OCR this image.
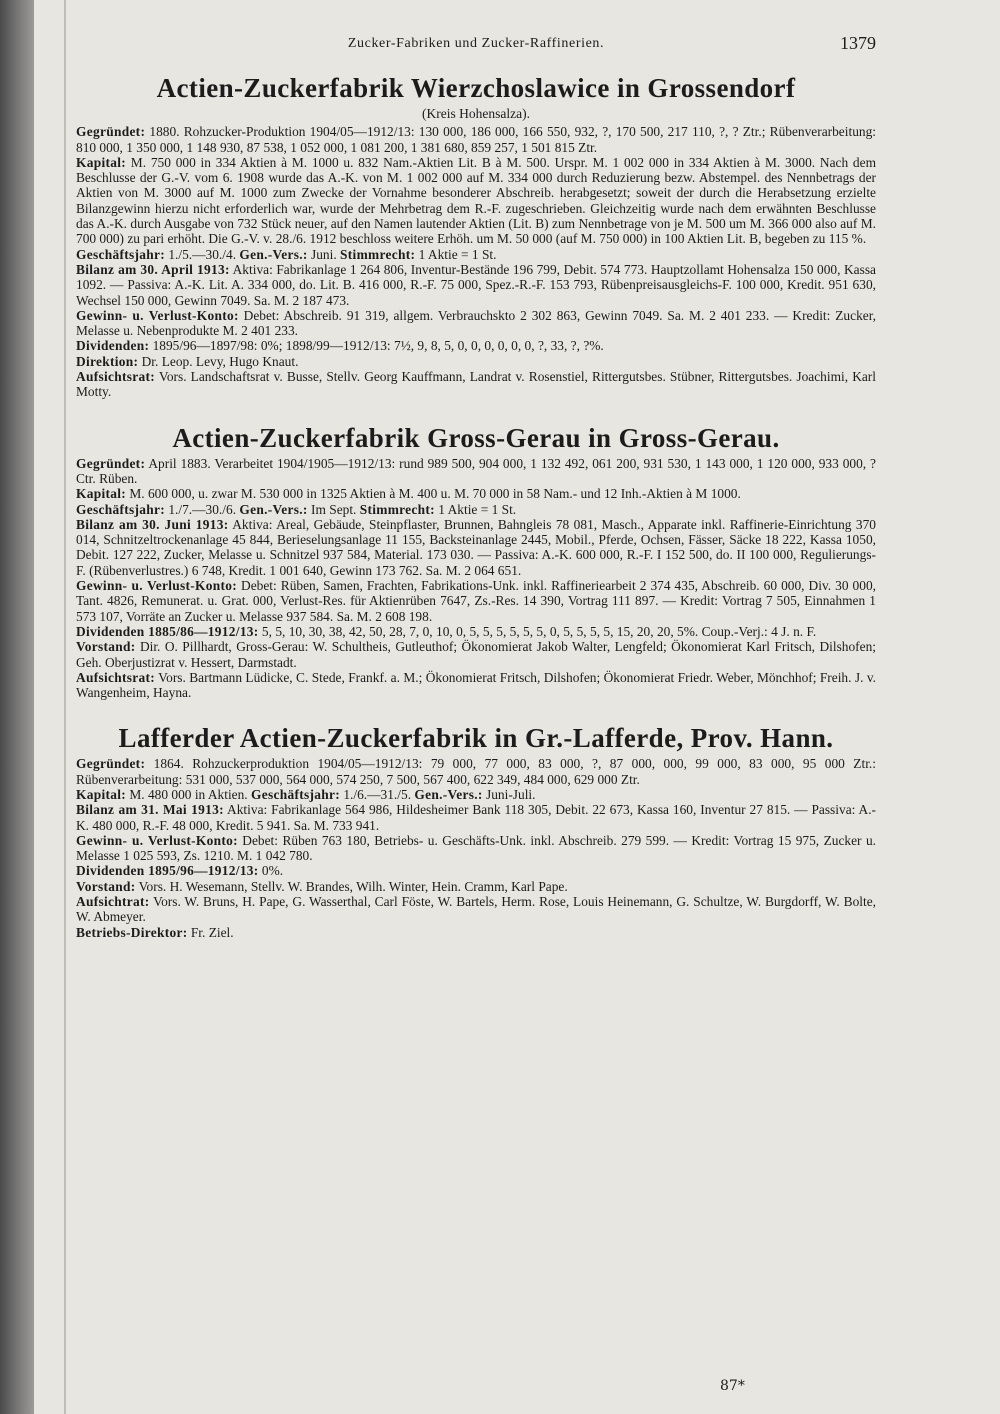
Zucker-Fabriken und Zucker-Raffinerien.	1379
Actien-Zuckerfabrik Wierzchoslawice in Grossendorf
(Kreis Hohensalza).

Gegründet: 1880. Rohzucker-Produktion 1904/05—1912/13: 130 000, 186 000, 166 550, 932, ?, 170 500, 217 110, ?, ? Ztr.; Rübenverarbeitung: 810 000, 1 350 000, 1 148 930, 87 538, 1 052 000, 1 081 200, 1 381 680, 859 257, 1 501 815 Ztr.

Kapital: M. 750 000 in 334 Aktien à M. 1000 u. 832 Nam.-Aktien Lit. B à M. 500. Urspr. M. 1 002 000 in 334 Aktien à M. 3000. Nach dem Beschlusse der G.-V. vom 6. 1908 wurde das A.-K. von M. 1 002 000 auf M. 334 000 durch Reduzierung bezw. Abstempel. des Nennbetrags der Aktien von M. 3000 auf M. 1000 zum Zwecke der Vornahme besonderer Abschreib. herabgesetzt; soweit der durch die Herabsetzung erzielte Bilanzgewinn hierzu nicht erforderlich war, wurde der Mehrbetrag dem R.-F. zugeschrieben. Gleichzeitig wurde nach dem erwähnten Beschlusse das A.-K. durch Ausgabe von 732 Stück neuer, auf den Namen lautender Aktien (Lit. B) zum Nennbetrage von je M. 500 um M. 366 000 also auf M. 700 000) zu pari erhöht. Die G.-V. v. 28./6. 1912 beschloss weitere Erhöh. um M. 50 000 (auf M. 750 000) in 100 Aktien Lit. B, begeben zu 115 %.

Geschäftsjahr: 1./5.—30./4. Gen.-Vers.: Juni. Stimmrecht: 1 Aktie = 1 St.

Bilanz am 30. April 1913: Aktiva: Fabrikanlage 1 264 806, Inventur-Bestände 196 799, Debit. 574 773. Hauptzollamt Hohensalza 150 000, Kassa 1092. — Passiva: A.-K. Lit. A. 334 000, do. Lit. B. 416 000, R.-F. 75 000, Spez.-R.-F. 153 793, Rübenpreisausgleichs-F. 100 000, Kredit. 951 630, Wechsel 150 000, Gewinn 7049. Sa. M. 2 187 473.

Gewinn- u. Verlust-Konto: Debet: Abschreib. 91 319, allgem. Verbrauchskto 2 302 863, Gewinn 7049. Sa. M. 2 401 233. — Kredit: Zucker, Melasse u. Nebenprodukte M. 2 401 233.

Dividenden: 1895/96—1897/98: 0%; 1898/99—1912/13: 7½, 9, 8, 5, 0, 0, 0, 0, 0, 0, ?, 33, ?, ?%.

Direktion: Dr. Leop. Levy, Hugo Knaut.

Aufsichtsrat: Vors. Landschaftsrat v. Busse, Stellv. Georg Kauffmann, Landrat v. Rosenstiel, Rittergutsbes. Stübner, Rittergutsbes. Joachimi, Karl Motty.

Actien-Zuckerfabrik Gross-Gerau in Gross-Gerau.

Gegründet: April 1883. Verarbeitet 1904/1905—1912/13: rund 989 500, 904 000, 1 132 492, 061 200, 931 530, 1 143 000, 1 120 000, 933 000, ? Ctr. Rüben.

Kapital: M. 600 000, u. zwar M. 530 000 in 1325 Aktien à M. 400 u. M. 70 000 in 58 Nam.- und 12 Inh.-Aktien à M 1000.

Geschäftsjahr: 1./7.—30./6. Gen.-Vers.: Im Sept. Stimmrecht: 1 Aktie = 1 St.

Bilanz am 30. Juni 1913: Aktiva: Areal, Gebäude, Steinpflaster, Brunnen, Bahngleis 78 081, Masch., Apparate inkl. Raffinerie-Einrichtung 370 014, Schnitzeltrockenanlage 45 844, Berieselungsanlage 11 155, Backsteinanlage 2445, Mobil., Pferde, Ochsen, Fässer, Säcke 18 222, Kassa 1050, Debit. 127 222, Zucker, Melasse u. Schnitzel 937 584, Material. 173 030. — Passiva: A.-K. 600 000, R.-F. I 152 500, do. II 100 000, Regulierungs-F. (Rübenverlustres.) 6 748, Kredit. 1 001 640, Gewinn 173 762. Sa. M. 2 064 651.

Gewinn- u. Verlust-Konto: Debet: Rüben, Samen, Frachten, Fabrikations-Unk. inkl. Raffineriearbeit 2 374 435, Abschreib. 60 000, Div. 30 000, Tant. 4826, Remunerat. u. Grat. 000, Verlust-Res. für Aktienrüben 7647, Zs.-Res. 14 390, Vortrag 111 897. — Kredit: Vortrag 7 505, Einnahmen 1 573 107, Vorräte an Zucker u. Melasse 937 584. Sa. M. 2 608 198.

Dividenden 1885/86—1912/13: 5, 5, 10, 30, 38, 42, 50, 28, 7, 0, 10, 0, 5, 5, 5, 5, 5, 5, 0, 5, 5, 5, 5, 15, 20, 20, 5%. Coup.-Verj.: 4 J. n. F.

Vorstand: Dir. O. Pillhardt, Gross-Gerau: W. Schultheis, Gutleuthof; Ökonomierat Jakob Walter, Lengfeld; Ökonomierat Karl Fritsch, Dilshofen; Geh. Oberjustizrat v. Hessert, Darmstadt.

Aufsichtsrat: Vors. Bartmann Lüdicke, C. Stede, Frankf. a. M.; Ökonomierat Fritsch, Dilshofen; Ökonomierat Friedr. Weber, Mönchhof; Freih. J. v. Wangenheim, Hayna.

Lafferder Actien-Zuckerfabrik in Gr.-Lafferde, Prov. Hann.

Gegründet: 1864. Rohzuckerproduktion 1904/05—1912/13: 79 000, 77 000, 83 000, ?, 87 000, 000, 99 000, 83 000, 95 000 Ztr.: Rübenverarbeitung: 531 000, 537 000, 564 000, 574 250, 7 500, 567 400, 622 349, 484 000, 629 000 Ztr.

Kapital: M. 480 000 in Aktien. Geschäftsjahr: 1./6.—31./5. Gen.-Vers.: Juni-Juli.

Bilanz am 31. Mai 1913: Aktiva: Fabrikanlage 564 986, Hildesheimer Bank 118 305, Debit. 22 673, Kassa 160, Inventur 27 815. — Passiva: A.-K. 480 000, R.-F. 48 000, Kredit. 5 941. Sa. M. 733 941.

Gewinn- u. Verlust-Konto: Debet: Rüben 763 180, Betriebs- u. Geschäfts-Unk. inkl. Abschreib. 279 599. — Kredit: Vortrag 15 975, Zucker u. Melasse 1 025 593, Zs. 1210. M. 1 042 780.

Dividenden 1895/96—1912/13: 0%.

Vorstand: Vors. H. Wesemann, Stellv. W. Brandes, Wilh. Winter, Hein. Cramm, Karl Pape.

Aufsichtrat: Vors. W. Bruns, H. Pape, G. Wasserthal, Carl Föste, W. Bartels, Herm. Rose, Louis Heinemann, G. Schultze, W. Burgdorff, W. Bolte, W. Abmeyer.

Betriebs-Direktor: Fr. Ziel.

87*
